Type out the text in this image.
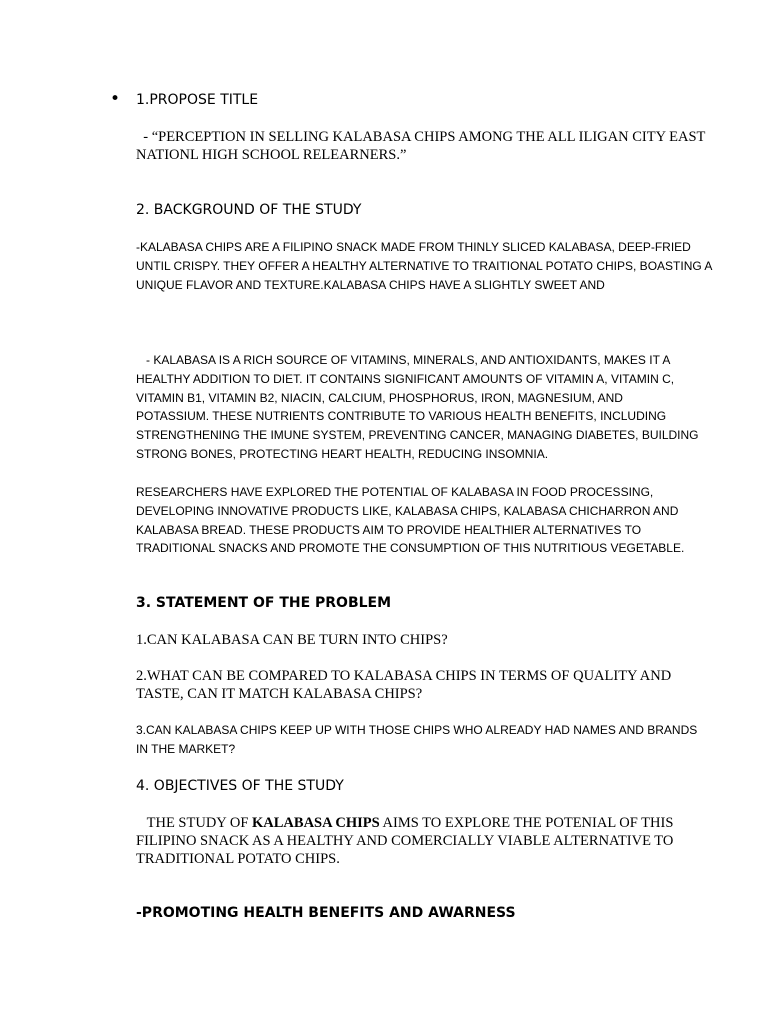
• 1.PROPOSE TITLE
- “PERCEPTION IN SELLING KALABASA CHIPS AMONG THE ALL ILIGAN CITY EAST
NATIONL HIGH SCHOOL RELEARNERS.”
2. BACKGROUND OF THE STUDY
-KALABASA CHIPS ARE A FILIPINO SNACK MADE FROM THINLY SLICED KALABASA, DEEP-FRIED
UNTIL CRISPY. THEY OFFER A HEALTHY ALTERNATIVE TO TRAITIONAL POTATO CHIPS, BOASTING A
UNIQUE FLAVOR AND TEXTURE.KALABASA CHIPS HAVE A SLIGHTLY SWEET AND
- KALABASA IS A RICH SOURCE OF VITAMINS, MINERALS, AND ANTIOXIDANTS, MAKES IT A
HEALTHY ADDITION TO DIET. IT CONTAINS SIGNIFICANT AMOUNTS OF VITAMIN A, VITAMIN C,
VITAMIN B1, VITAMIN B2, NIACIN, CALCIUM, PHOSPHORUS, IRON, MAGNESIUM, AND
POTASSIUM. THESE NUTRIENTS CONTRIBUTE TO VARIOUS HEALTH BENEFITS, INCLUDING
STRENGTHENING THE IMUNE SYSTEM, PREVENTING CANCER, MANAGING DIABETES, BUILDING
STRONG BONES, PROTECTING HEART HEALTH, REDUCING INSOMNIA.
RESEARCHERS HAVE EXPLORED THE POTENTIAL OF KALABASA IN FOOD PROCESSING,
DEVELOPING INNOVATIVE PRODUCTS LIKE, KALABASA CHIPS, KALABASA CHICHARRON AND
KALABASA BREAD. THESE PRODUCTS AIM TO PROVIDE HEALTHIER ALTERNATIVES TO
TRADITIONAL SNACKS AND PROMOTE THE CONSUMPTION OF THIS NUTRITIOUS VEGETABLE.
3. STATEMENT OF THE PROBLEM
1.CAN KALABASA CAN BE TURN INTO CHIPS?
2.WHAT CAN BE COMPARED TO KALABASA CHIPS IN TERMS OF QUALITY AND
TASTE, CAN IT MATCH KALABASA CHIPS?
3.CAN KALABASA CHIPS KEEP UP WITH THOSE CHIPS WHO ALREADY HAD NAMES AND BRANDS
IN THE MARKET?
4. OBJECTIVES OF THE STUDY
THE STUDY OF KALABASA CHIPS AIMS TO EXPLORE THE POTENIAL OF THIS
FILIPINO SNACK AS A HEALTHY AND COMERCIALLY VIABLE ALTERNATIVE TO
TRADITIONAL POTATO CHIPS.
-PROMOTING HEALTH BENEFITS AND AWARNESS
